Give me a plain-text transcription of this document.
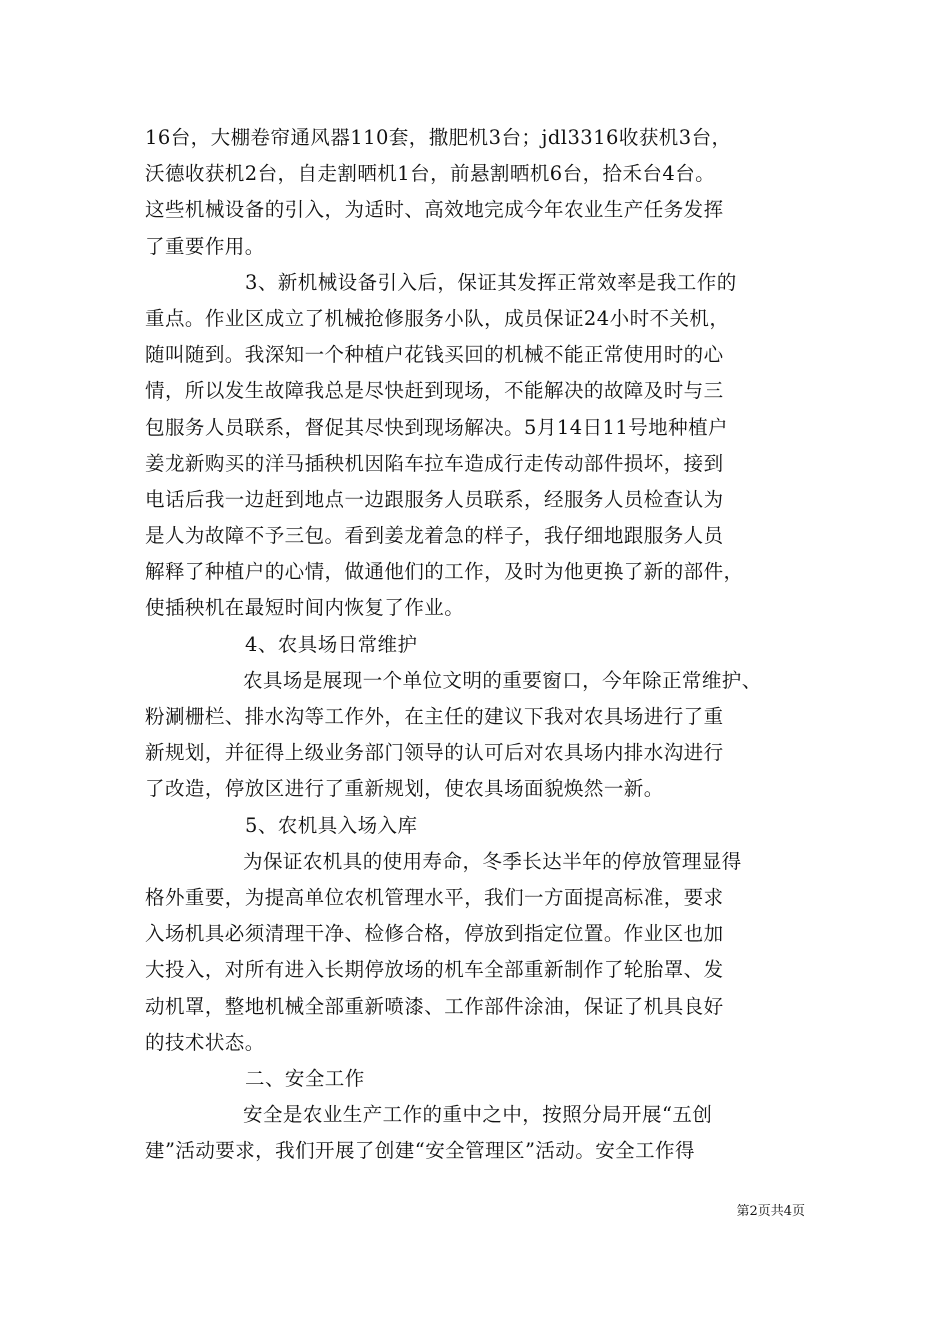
16台，大棚卷帘通风器110套，撒肥机3台；jdl3316收获机3台，
沃德收获机2台，自走割晒机1台，前悬割晒机6台，拾禾台4台。
这些机械设备的引入，为适时、高效地完成今年农业生产任务发挥
了重要作用。
3、新机械设备引入后，保证其发挥正常效率是我工作的
重点。作业区成立了机械抢修服务小队，成员保证24小时不关机，
随叫随到。我深知一个种植户花钱买回的机械不能正常使用时的心
情，所以发生故障我总是尽快赶到现场，不能解决的故障及时与三
包服务人员联系，督促其尽快到现场解决。5月14日11号地种植户
姜龙新购买的洋马插秧机因陷车拉车造成行走传动部件损坏，接到
电话后我一边赶到地点一边跟服务人员联系，经服务人员检查认为
是人为故障不予三包。看到姜龙着急的样子，我仔细地跟服务人员
解释了种植户的心情，做通他们的工作，及时为他更换了新的部件，
使插秧机在最短时间内恢复了作业。
4、农具场日常维护
农具场是展现一个单位文明的重要窗口，今年除正常维护、
粉涮栅栏、排水沟等工作外，在主任的建议下我对农具场进行了重
新规划，并征得上级业务部门领导的认可后对农具场内排水沟进行
了改造，停放区进行了重新规划，使农具场面貌焕然一新。
5、农机具入场入库
为保证农机具的使用寿命，冬季长达半年的停放管理显得
格外重要，为提高单位农机管理水平，我们一方面提高标准，要求
入场机具必须清理干净、检修合格，停放到指定位置。作业区也加
大投入，对所有进入长期停放场的机车全部重新制作了轮胎罩、发
动机罩，整地机械全部重新喷漆、工作部件涂油，保证了机具良好
的技术状态。
二、安全工作
安全是农业生产工作的重中之中，按照分局开展“五创
建”活动要求，我们开展了创建“安全管理区”活动。安全工作得
第2页共4页
